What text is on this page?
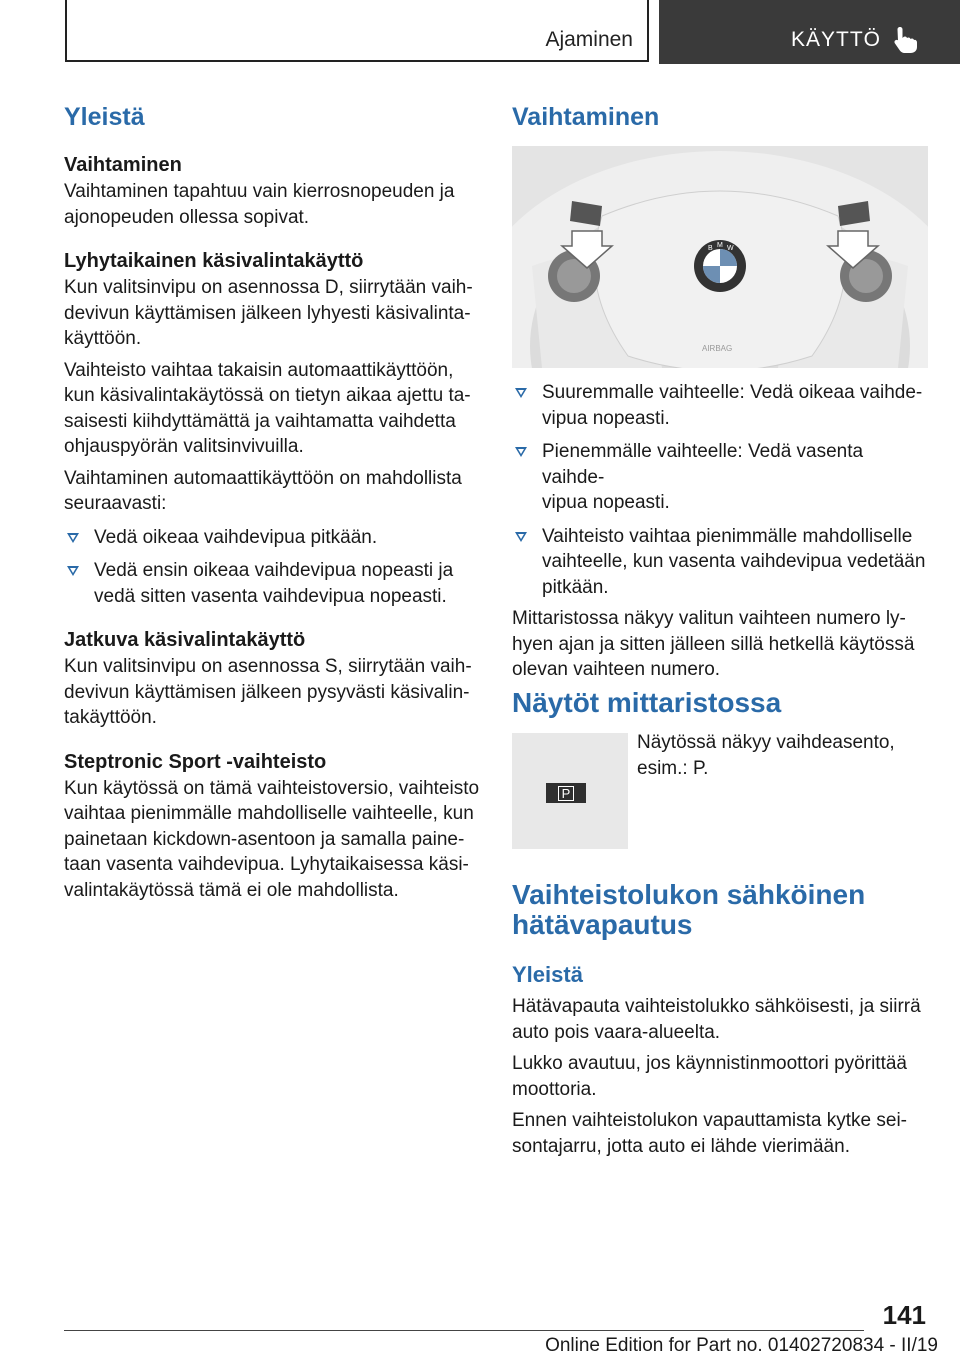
Ajaminen	KÄYTTÖ
Yleistä
Vaihtaminen
Vaihtaminen tapahtuu vain kierrosnopeuden ja
ajonopeuden ollessa sopivat.
Lyhytaikainen käsivalintakäyttö
Kun valitsinvipu on asennossa D, siirrytään vaih‐
devivun käyttämisen jälkeen lyhyesti käsivalinta‐
käyttöön.
Vaihteisto vaihtaa takaisin automaattikäyttöön,
kun käsivalintakäytössä on tietyn aikaa ajettu ta‐
saisesti kiihdyttämättä ja vaihtamatta vaihdetta
ohjauspyörän valitsinvivuilla.
Vaihtaminen automaattikäyttöön on mahdollista
seuraavasti:
Vedä oikeaa vaihdevipua pitkään.
Vedä ensin oikeaa vaihdevipua nopeasti ja
vedä sitten vasenta vaihdevipua nopeasti.
Jatkuva käsivalintakäyttö
Kun valitsinvipu on asennossa S, siirrytään vaih‐
devivun käyttämisen jälkeen pysyvästi käsivalin‐
takäyttöön.
Steptronic Sport ‐vaihteisto
Kun käytössä on tämä vaihteistoversio, vaihteisto
vaihtaa pienimmälle mahdolliselle vaihteelle, kun
painetaan kickdown‐asentoon ja samalla paine‐
taan vasenta vaihdevipua. Lyhytaikaisessa käsi‐
valintakäytössä tämä ei ole mahdollista.
Vaihtaminen
B M W
AIRBAG
Suuremmalle vaihteelle: Vedä oikeaa vaihde‐
vipua nopeasti.
Pienemmälle vaihteelle: Vedä vasenta vaihde‐
vipua nopeasti.
Vaihteisto vaihtaa pienimmälle mahdolliselle
vaihteelle, kun vasenta vaihdevipua vedetään
pitkään.
Mittaristossa näkyy valitun vaihteen numero ly‐
hyen ajan ja sitten jälleen sillä hetkellä käytössä
olevan vaihteen numero.
Näytöt mittaristossa
P
Näytössä näkyy vaihdeasento,
esim.: P.
Vaihteistolukon sähköinen
hätävapautus
Yleistä
Hätävapauta vaihteistolukko sähköisesti, ja siirrä
auto pois vaara‐alueelta.
Lukko avautuu, jos käynnistinmoottori pyörittää
moottoria.
Ennen vaihteistolukon vapauttamista kytke sei‐
sontajarru, jotta auto ei lähde vierimään.
141
Online Edition for Part no. 01402720834 - II/19
